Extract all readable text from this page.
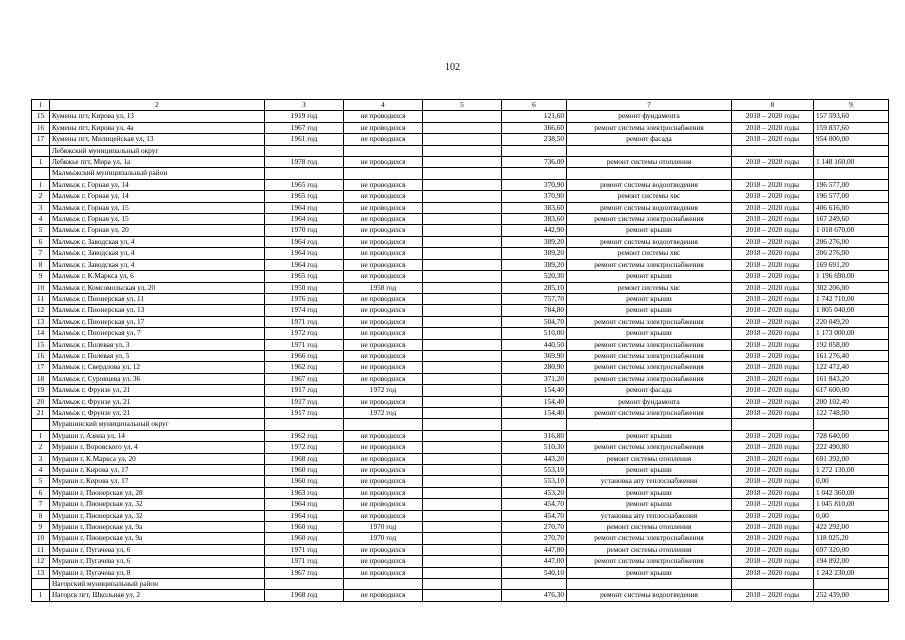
102
1	2	3	4	5	6	7	8	9
15	Кумены пгт, Кирова ул, 13	1919 год	не проводился		121,60	ремонт фундамента	2018 – 2020 годы	157 593,60
16	Кумены пгт, Кирова ул, 4а	1967 год	не проводился		366,60	ремонт системы электроснабжения	2018 – 2020 годы	159 837,60
17	Кумены пгт, Милицейская ул, 13	1961 год	не проводился		238,50	ремонт фасада	2018 – 2020 годы	954 000,00
	Лебяжский муниципальный округ							
1	Лебяжье пгт, Мира ул, 1а	1978 год	не проводился		736,00	ремонт системы отопления	2018 – 2020 годы	1 148 160,00
	Малмыжский муниципальный район							
1	Малмыж г, Горная ул, 14	1965 год	не проводился		370,90	ремонт системы водоотведения	2018 – 2020 годы	196 577,00
2	Малмыж г, Горная ул, 14	1965 год	не проводился		370,90	ремонт системы хвс	2018 – 2020 годы	196 577,00
3	Малмыж г, Горная ул, 15	1964 год	не проводился		383,60	ремонт системы водоотведения	2018 – 2020 годы	406 616,00
4	Малмыж г, Горная ул, 15	1964 год	не проводился		383,60	ремонт системы электроснабжения	2018 – 2020 годы	167 249,60
5	Малмыж г, Горная ул, 20	1970 год	не проводился		442,90	ремонт крыши	2018 – 2020 годы	1 018 670,00
6	Малмыж г, Заводская ул, 4	1964 год	не проводился		389,20	ремонт системы водоотведения	2018 – 2020 годы	206 276,00
7	Малмыж г, Заводская ул, 4	1964 год	не проводился		389,20	ремонт системы хвс	2018 – 2020 годы	206 276,00
8	Малмыж г, Заводская ул, 4	1964 год	не проводился		389,20	ремонт системы электроснабжения	2018 – 2020 годы	169 691,20
9	Малмыж г, К.Маркса ул, 6	1965 год	не проводился		520,30	ремонт крыши	2018 – 2020 годы	1 196 690,00
10	Малмыж г, Комсомольская ул, 20	1950 год	1958 год		285,10	ремонт системы хвс	2018 – 2020 годы	302 206,00
11	Малмыж г, Пионерская ул, 11	1976 год	не проводился		757,70	ремонт крыши	2018 – 2020 годы	1 742 710,00
12	Малмыж г, Пионерская ул, 13	1974 год	не проводился		784,80	ремонт крыши	2018 – 2020 годы	1 805 040,00
13	Малмыж г, Пионерская ул, 17	1971 год	не проводился		504,70	ремонт системы электроснабжения	2018 – 2020 годы	220 049,20
14	Малмыж г, Пионерская ул, 7	1972 год	не проводился		510,00	ремонт крыши	2018 – 2020 годы	1 173 000,00
15	Малмыж г, Полевая ул, 3	1971 год	не проводился		440,50	ремонт системы электроснабжения	2018 – 2020 годы	192 058,00
16	Малмыж г, Полевая ул, 5	1966 год	не проводился		369,90	ремонт системы электроснабжения	2018 – 2020 годы	161 276,40
17	Малмыж г, Свердлова ул, 12	1962 год	не проводился		280,90	ремонт системы электроснабжения	2018 – 2020 годы	122 472,40
18	Малмыж г, Суровцева ул, 36	1967 год	не проводился		371,20	ремонт системы электроснабжения	2018 – 2020 годы	161 843,20
19	Малмыж г, Фрунзе ул, 21	1917 год	1972 год		154,40	ремонт фасада	2018 – 2020 годы	617 600,00
20	Малмыж г, Фрунзе ул, 21	1917 год	не проводился		154,40	ремонт фундамента	2018 – 2020 годы	200 102,40
21	Малмыж г, Фрунзе ул, 21	1917 год	1972 год		154,40	ремонт системы электроснабжения	2018 – 2020 годы	122 748,00
	Мурашинский муниципальный округ							
1	Мураши г, Азина ул, 14	1962 год	не проводился		316,80	ремонт крыши	2018 – 2020 годы	728 640,00
2	Мураши г, Воровского ул, 4	1972 год	не проводился		510,30	ремонт системы электроснабжения	2018 – 2020 годы	222 490,80
3	Мураши г, К.Маркса ул, 20	1968 год	не проводился		443,20	ремонт системы отопления	2018 – 2020 годы	691 392,00
4	Мураши г, Кирова ул, 17	1960 год	не проводился		553,10	ремонт крыши	2018 – 2020 годы	1 272 130,00
5	Мураши г, Кирова ул, 17	1960 год	не проводился		553,10	установка апу теплоснабжения	2018 – 2020 годы	0,00
6	Мураши г, Пионерская ул, 28	1963 год	не проводился		453,20	ремонт крыши	2018 – 2020 годы	1 042 360,00
7	Мураши г, Пионерская ул, 32	1964 год	не проводился		454,70	ремонт крыши	2018 – 2020 годы	1 045 810,00
8	Мураши г, Пионерская ул, 32	1964 год	не проводился		454,70	установка апу теплоснабжения	2018 – 2020 годы	0,00
9	Мураши г, Пионерская ул, 9а	1960 год	1970 год		270,70	ремонт системы отопления	2018 – 2020 годы	422 292,00
10	Мураши г, Пионерская ул, 9а	1960 год	1970 год		270,70	ремонт системы электроснабжения	2018 – 2020 годы	118 025,20
11	Мураши г, Пугачева ул, 6	1971 год	не проводился		447,00	ремонт системы отопления	2018 – 2020 годы	697 320,00
12	Мураши г, Пугачева ул, 6	1971 год	не проводился		447,00	ремонт системы электроснабжения	2018 – 2020 годы	194 892,00
13	Мураши г, Пугачева ул, 8	1967 год	не проводился		540,10	ремонт крыши	2018 – 2020 годы	1 242 230,00
	Нагорский муниципальный район							
1	Нагорск пгт, Школьная ул, 2	1968 год	не проводился		476,30	ремонт системы водоотведения	2018 – 2020 годы	252 439,00
